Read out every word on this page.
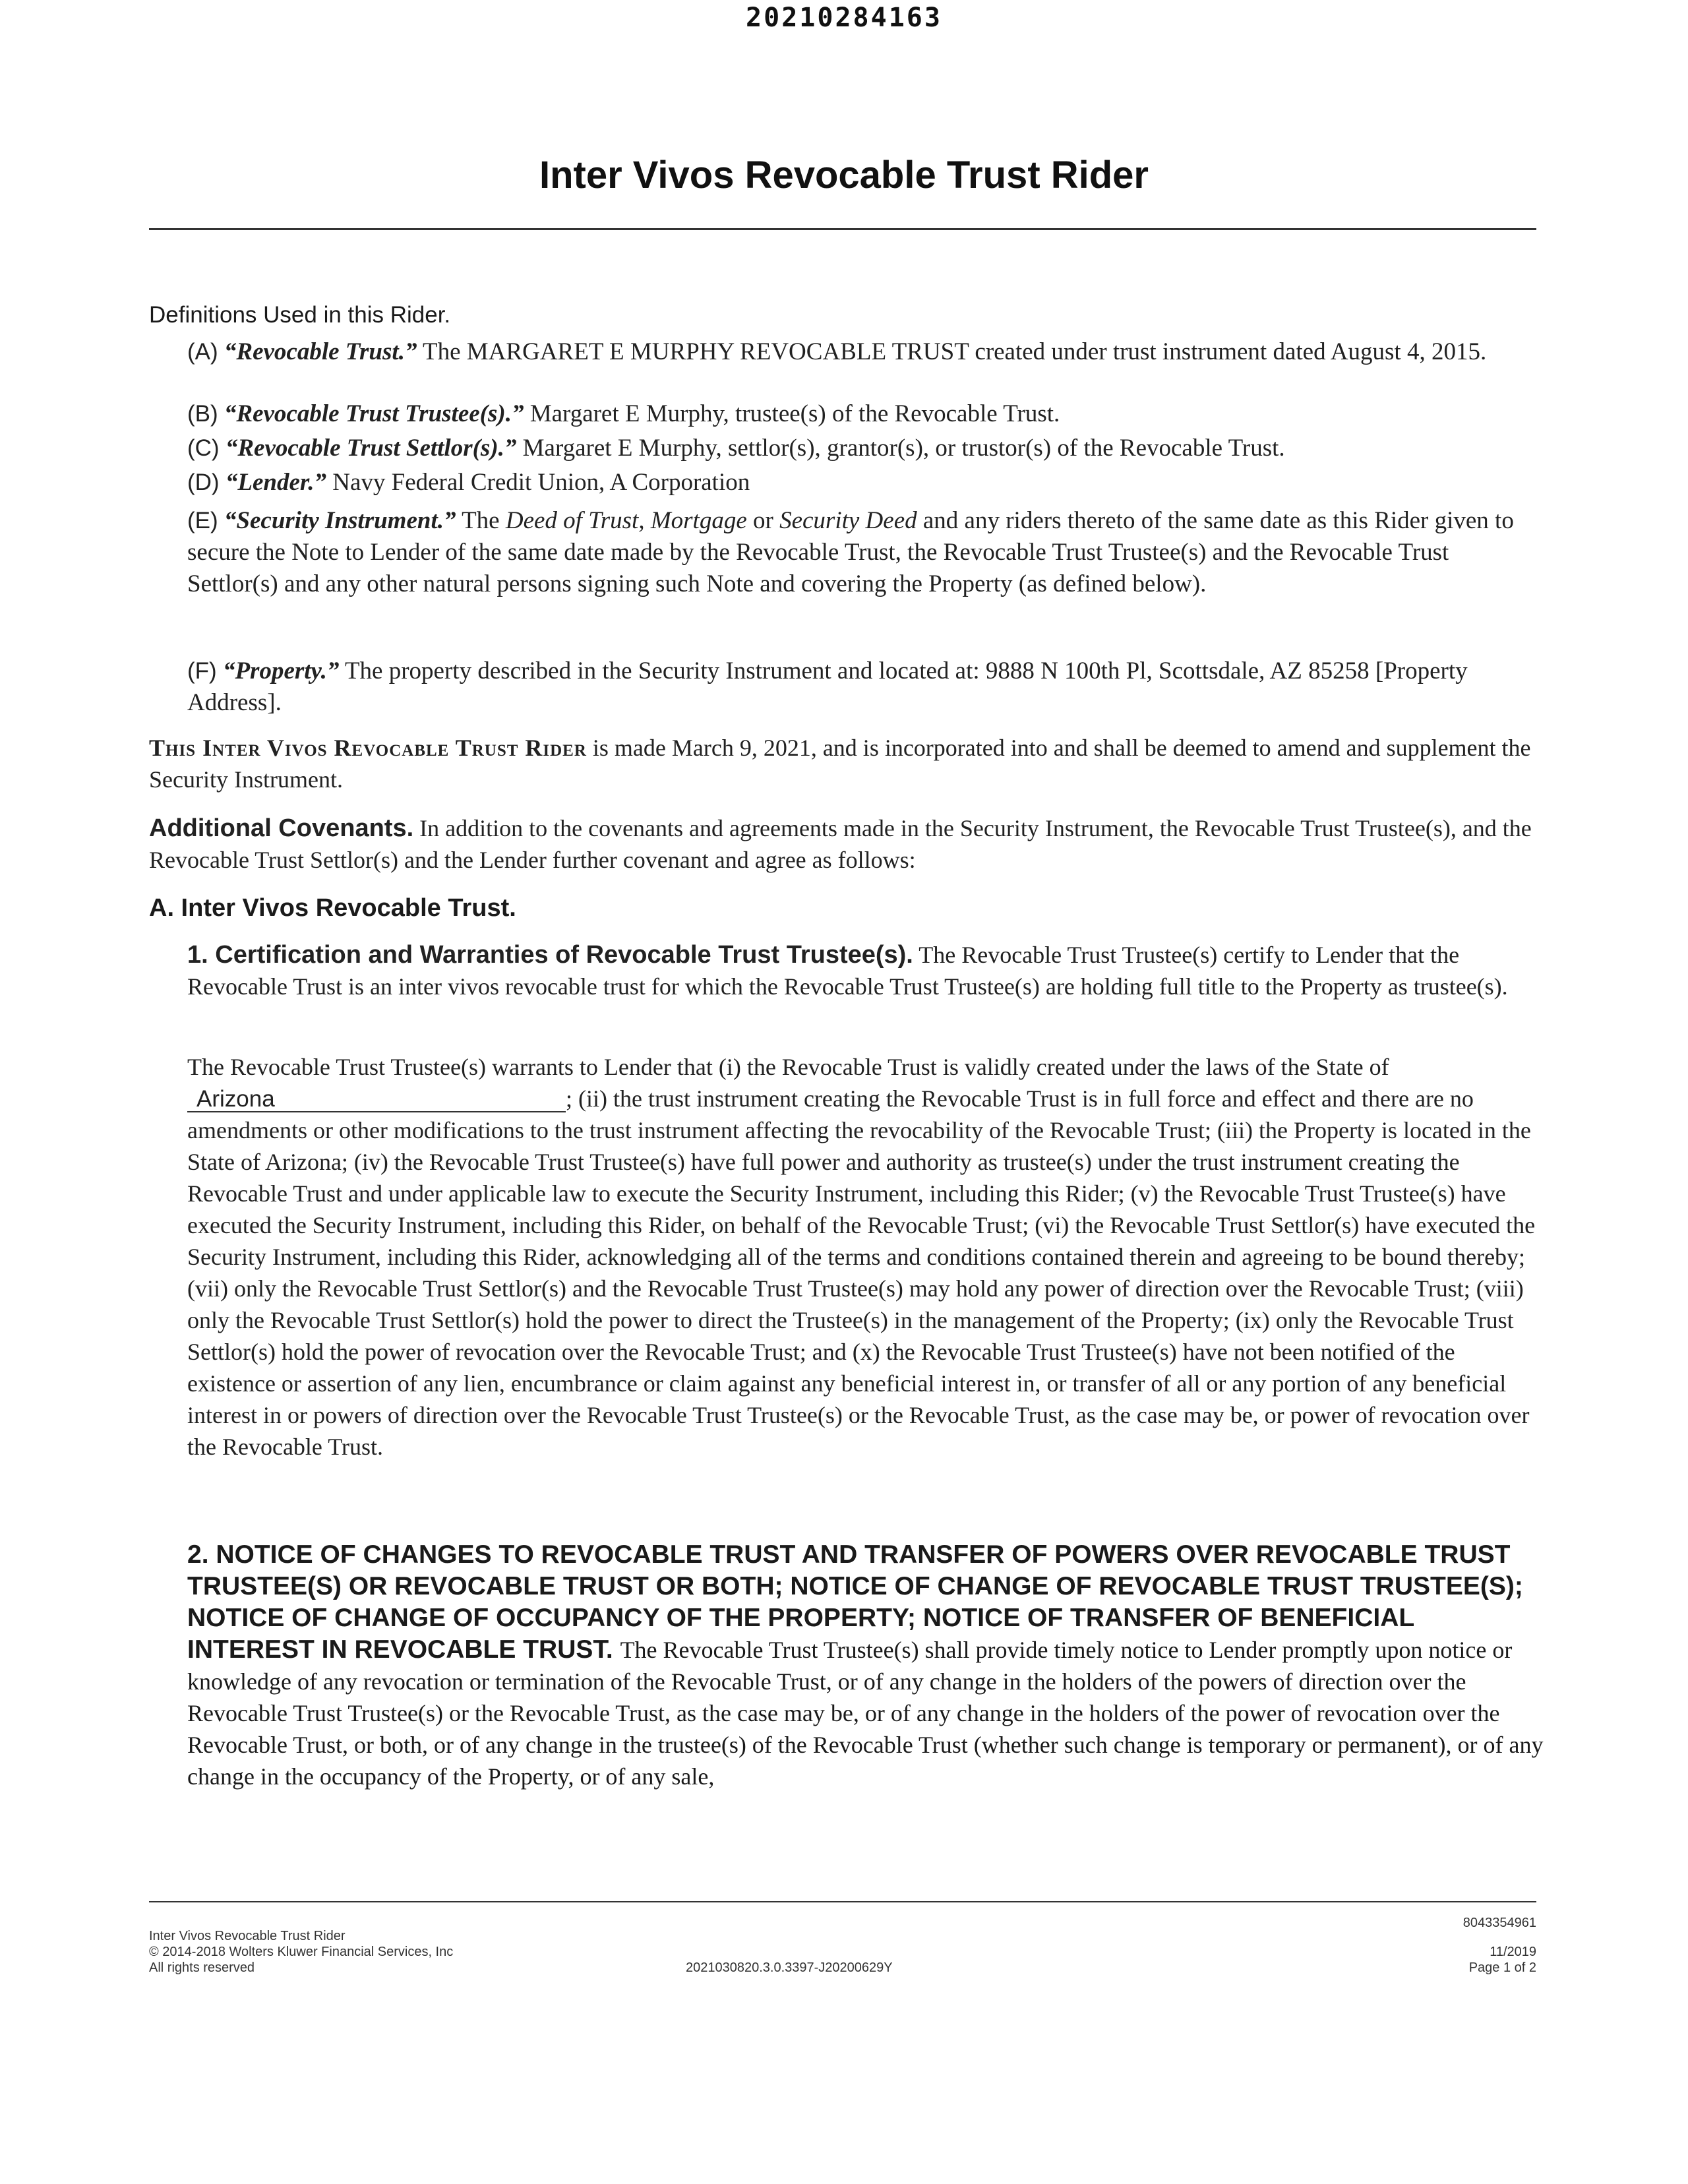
20210284163
Inter Vivos Revocable Trust Rider
Definitions Used in this Rider.
(A) “Revocable Trust.” The MARGARET E MURPHY REVOCABLE TRUST created under trust instrument dated August 4, 2015.
(B) “Revocable Trust Trustee(s).” Margaret E Murphy, trustee(s) of the Revocable Trust.
(C) “Revocable Trust Settlor(s).” Margaret E Murphy, settlor(s), grantor(s), or trustor(s) of the Revocable Trust.
(D) “Lender.” Navy Federal Credit Union, A Corporation
(E) “Security Instrument.” The Deed of Trust, Mortgage or Security Deed and any riders thereto of the same date as this Rider given to secure the Note to Lender of the same date made by the Revocable Trust, the Revocable Trust Trustee(s) and the Revocable Trust Settlor(s) and any other natural persons signing such Note and covering the Property (as defined below).
(F) “Property.” The property described in the Security Instrument and located at: 9888 N 100th Pl, Scottsdale, AZ 85258 [Property Address].
This Inter Vivos Revocable Trust Rider is made March 9, 2021, and is incorporated into and shall be deemed to amend and supplement the Security Instrument.
Additional Covenants. In addition to the covenants and agreements made in the Security Instrument, the Revocable Trust Trustee(s), and the Revocable Trust Settlor(s) and the Lender further covenant and agree as follows:
A. Inter Vivos Revocable Trust.
1. Certification and Warranties of Revocable Trust Trustee(s). The Revocable Trust Trustee(s) certify to Lender that the Revocable Trust is an inter vivos revocable trust for which the Revocable Trust Trustee(s) are holding full title to the Property as trustee(s).
The Revocable Trust Trustee(s) warrants to Lender that (i) the Revocable Trust is validly created under the laws of the State of Arizona	; (ii) the trust instrument creating the Revocable Trust is in full force and effect and there are no amendments or other modifications to the trust instrument affecting the revocability of the Revocable Trust; (iii) the Property is located in the State of Arizona; (iv) the Revocable Trust Trustee(s) have full power and authority as trustee(s) under the trust instrument creating the Revocable Trust and under applicable law to execute the Security Instrument, including this Rider; (v) the Revocable Trust Trustee(s) have executed the Security Instrument, including this Rider, on behalf of the Revocable Trust; (vi) the Revocable Trust Settlor(s) have executed the Security Instrument, including this Rider, acknowledging all of the terms and conditions contained therein and agreeing to be bound thereby; (vii) only the Revocable Trust Settlor(s) and the Revocable Trust Trustee(s) may hold any power of direction over the Revocable Trust; (viii) only the Revocable Trust Settlor(s) hold the power to direct the Trustee(s) in the management of the Property; (ix) only the Revocable Trust Settlor(s) hold the power of revocation over the Revocable Trust; and (x) the Revocable Trust Trustee(s) have not been notified of the existence or assertion of any lien, encumbrance or claim against any beneficial interest in, or transfer of all or any portion of any beneficial interest in or powers of direction over the Revocable Trust Trustee(s) or the Revocable Trust, as the case may be, or power of revocation over the Revocable Trust.
2. NOTICE OF CHANGES TO REVOCABLE TRUST AND TRANSFER OF POWERS OVER REVOCABLE TRUST TRUSTEE(S) OR REVOCABLE TRUST OR BOTH; NOTICE OF CHANGE OF REVOCABLE TRUST TRUSTEE(S); NOTICE OF CHANGE OF OCCUPANCY OF THE PROPERTY; NOTICE OF TRANSFER OF BENEFICIAL INTEREST IN REVOCABLE TRUST. The Revocable Trust Trustee(s) shall provide timely notice to Lender promptly upon notice or knowledge of any revocation or termination of the Revocable Trust, or of any change in the holders of the powers of direction over the Revocable Trust Trustee(s) or the Revocable Trust, as the case may be, or of any change in the holders of the power of revocation over the Revocable Trust, or both, or of any change in the trustee(s) of the Revocable Trust (whether such change is temporary or permanent), or of any change in the occupancy of the Property, or of any sale,
Inter Vivos Revocable Trust Rider
© 2014-2018 Wolters Kluwer Financial Services, Inc
All rights reserved	2021030820.3.0.3397-J20200629Y
8043354961
11/2019
Page 1 of 2
